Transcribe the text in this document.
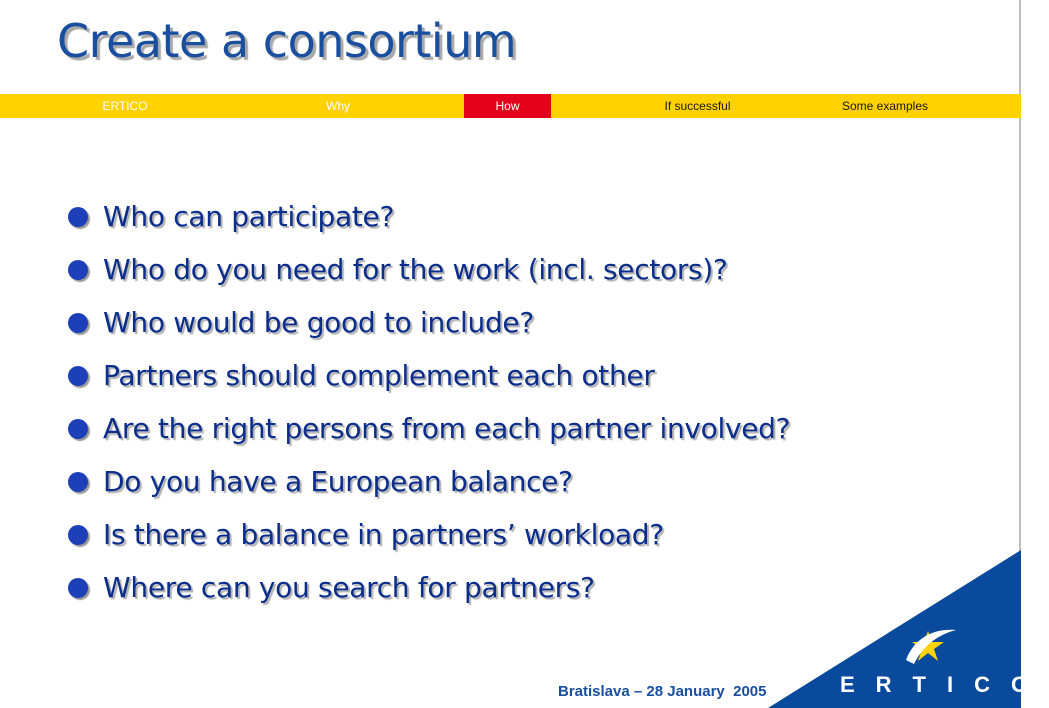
Create a consortium
ERTICO	Why	How	If successful	Some examples
Who can participate?
Who do you need for the work (incl. sectors)?
Who would be good to include?
Partners should complement each other
Are the right persons from each partner involved?
Do you have a European balance?
Is there a balance in partners’ workload?
Where can you search for partners?
Bratislava – 28 January  2005	ERTICO
